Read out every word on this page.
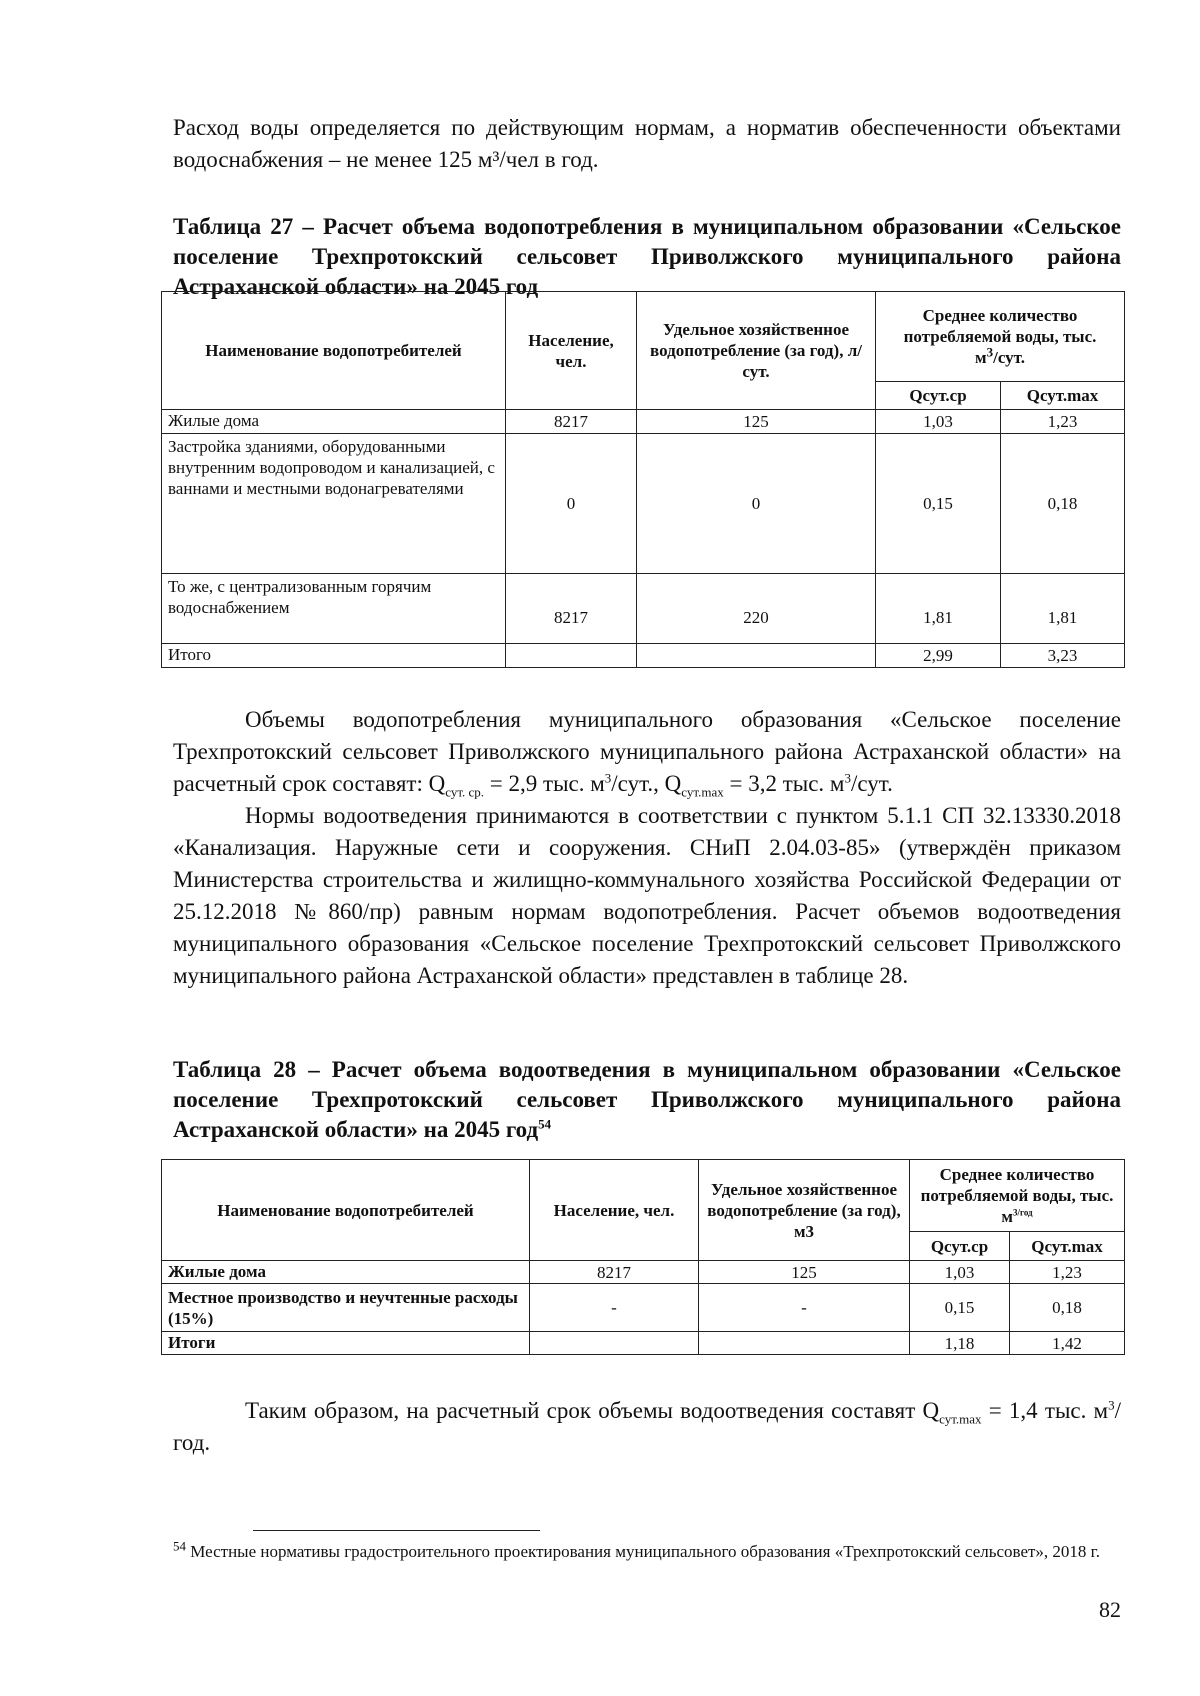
Расход воды определяется по действующим нормам, а норматив обеспеченности объектами водоснабжения – не менее 125 м³/чел в год.

Таблица 27 – Расчет объема водопотребления в муниципальном образовании «Сельское поселение Трехпротокский сельсовет Приволжского муниципального района Астраханской области» на 2045 год

Наименование водопотребителей	Население, чел.	Удельное хозяйственное водопотребление (за год), л/сут.	Среднее количество потребляемой воды, тыс.
$м^3$/сут.	
			Qсут.ср	Qсут.max
Жилые дома	8217	125	1,03	1,23
Застройка зданиями, оборудованными внутренним водопроводом и канализацией, с ваннами и местными водонагревателями	0	0	0,15	0,18
То же, с централизованным горячим водоснабжением	8217	220	1,81	1,81
Итого			2,99	3,23

Объемы водопотребления муниципального образования «Сельское поселение Трехпротокский сельсовет Приволжского муниципального района Астраханской области» на расчетный срок составят: $Q_{сут. ср.} = 2,9$ тыс. $м^3$/сут., $Q_{сут.max} = 3,2$ тыс. $м^3$/сут.

Нормы водоотведения принимаются в соответствии с пунктом 5.1.1 СП 32.13330.2018 «Канализация. Наружные сети и сооружения. СНиП 2.04.03-85» (утверждён приказом Министерства строительства и жилищно-коммунального хозяйства Российской Федерации от 25.12.2018 №860/пр) равным нормам водопотребления. Расчет объемов водоотведения муниципального образования «Сельское поселение Трехпротокский сельсовет Приволжского муниципального района Астраханской области» представлен в таблице 28.

Таблица 28 – Расчет объема водоотведения в муниципальном образовании «Сельское поселение Трехпротокский сельсовет Приволжского муниципального района Астраханской области» на 2045 год$^{54}$

Наименование водопотребителей	Население, чел.	Удельное хозяйственное водопотребление (за год), м3	Среднее количество потребляемой воды, тыс. $м^{3/год}$
			Qсут.ср	Qсут.max
Жилые дома	8217	125	1,03	1,23
Местное производство и неучтенные расходы (15%)	-	-	0,15	0,18
Итоги			1,18	1,42

Таким образом, на расчетный срок объемы водоотведения составят $Q_{сут.max} = 1,4$ тыс. $м^3$/год.

$^{54}$ Местные нормативы градостроительного проектирования муниципального образования «Трехпротокский сельсовет», 2018 г.

82
